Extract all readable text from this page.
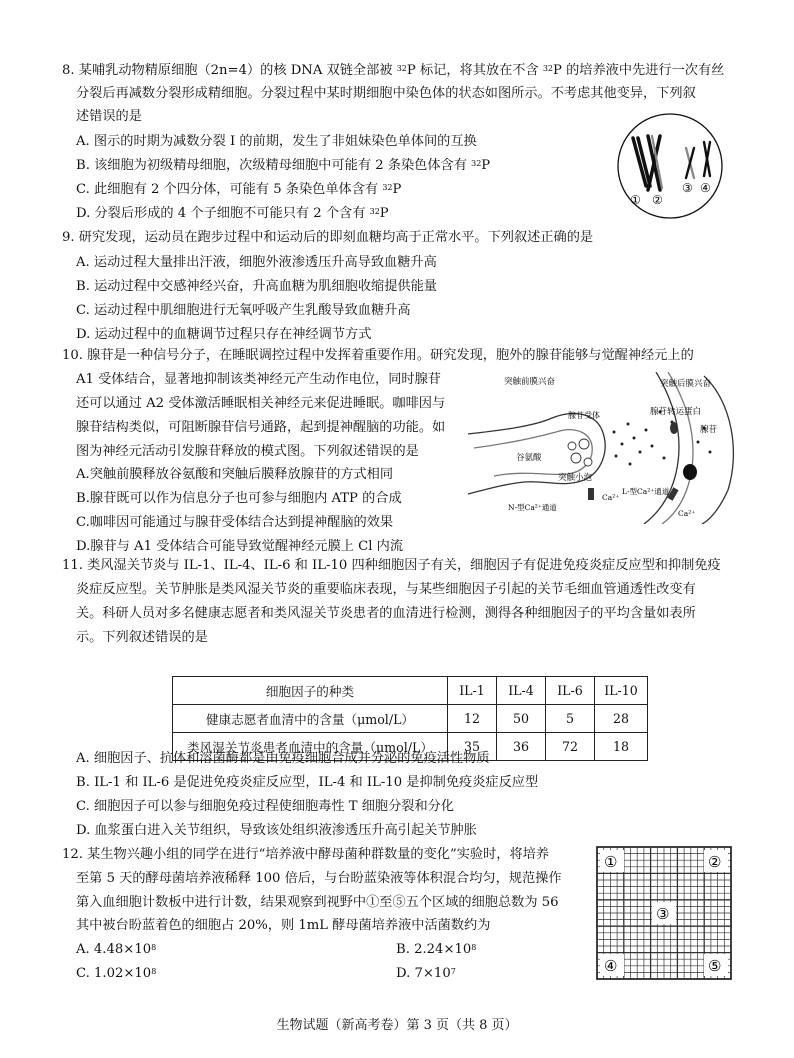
8. 某哺乳动物精原细胞（2n=4）的核 DNA 双链全部被 $^{32}$P 标记，将其放在不含 $^{32}$P 的培养液中先进行一次有丝
分裂后再减数分裂形成精细胞。分裂过程中某时期细胞中染色体的状态如图所示。不考虑其他变异，下列叙
述错误的是
A. 图示的时期为减数分裂 I 的前期，发生了非姐妹染色单体间的互换
B. 该细胞为初级精母细胞，次级精母细胞中可能有 2 条染色体含有 $^{32}$P
C. 此细胞有 2 个四分体，可能有 5 条染色单体含有 $^{32}$P
D. 分裂后形成的 4 个子细胞不可能只有 2 个含有 $^{32}$P
① ②
③ ④
9. 研究发现，运动员在跑步过程中和运动后的即刻血糖均高于正常水平。下列叙述正确的是
A. 运动过程大量排出汗液，细胞外液渗透压升高导致血糖升高
B. 运动过程中交感神经兴奋，升高血糖为肌细胞收缩提供能量
C. 运动过程中肌细胞进行无氧呼吸产生乳酸导致血糖升高
D. 运动过程中的血糖调节过程只存在神经调节方式
10. 腺苷是一种信号分子，在睡眠调控过程中发挥着重要作用。研究发现，胞外的腺苷能够与觉醒神经元上的
A1 受体结合，显著地抑制该类神经元产生动作电位，同时腺苷
还可以通过 A2 受体激活睡眠相关神经元来促进睡眠。咖啡因与
腺苷结构类似，可阻断腺苷信号通路，起到提神醒脑的功能。如
图为神经元活动引发腺苷释放的模式图。下列叙述错误的是
A.突触前膜释放谷氨酸和突触后膜释放腺苷的方式相同
B.腺苷既可以作为信息分子也可参与细胞内 ATP 的合成
C.咖啡因可能通过与腺苷受体结合达到提神醒脑的效果
D.腺苷与 A1 受体结合可能导致觉醒神经元膜上 Cl 内流
突触前膜兴奋	突触后膜兴奋
腺苷转运蛋白
腺苷
腺苷受体
谷氨酸
突触小泡
N-型Ca²⁺通道
Ca²⁺
L-型Ca²⁺通道
Ca²⁺
11. 类风湿关节炎与 IL-1、IL-4、IL-6 和 IL-10 四种细胞因子有关，细胞因子有促进免疫炎症反应型和抑制免疫
炎症反应型。关节肿胀是类风湿关节炎的重要临床表现，与某些细胞因子引起的关节毛细血管通透性改变有
关。科研人员对多名健康志愿者和类风湿关节炎患者的血清进行检测，测得各种细胞因子的平均含量如表所
示。下列叙述错误的是
细胞因子的种类	IL-1	IL-4	IL-6	IL-10
健康志愿者血清中的含量（μmol/L）	12	50	5	28
类风湿关节炎患者血清中的含量（μmol/L）	35	36	72	18
A. 细胞因子、抗体和溶菌酶都是由免疫细胞合成并分泌的免疫活性物质
B. IL-1 和 IL-6 是促进免疫炎症反应型，IL-4 和 IL-10 是抑制免疫炎症反应型
C. 细胞因子可以参与细胞免疫过程使细胞毒性 T 细胞分裂和分化
D. 血浆蛋白进入关节组织，导致该处组织液渗透压升高引起关节肿胀
12. 某生物兴趣小组的同学在进行“培养液中酵母菌种群数量的变化”实验时，将培养
至第 5 天的酵母菌培养液稀释 100 倍后，与台盼蓝染液等体积混合均匀，规范操作
第入血细胞计数板中进行计数，结果观察到视野中①至⑤五个区域的细胞总数为 56
其中被台盼蓝着色的细胞占 20%，则 1mL 酵母菌培养液中活菌数约为
A. $4.48\times 10^8$	B. $2.24\times 10^8$
C. $1.02\times 10^8$	D. $7\times 10^7$
①	②
③
④	⑤
生物试题（新高考卷）第 3 页（共 8 页）
